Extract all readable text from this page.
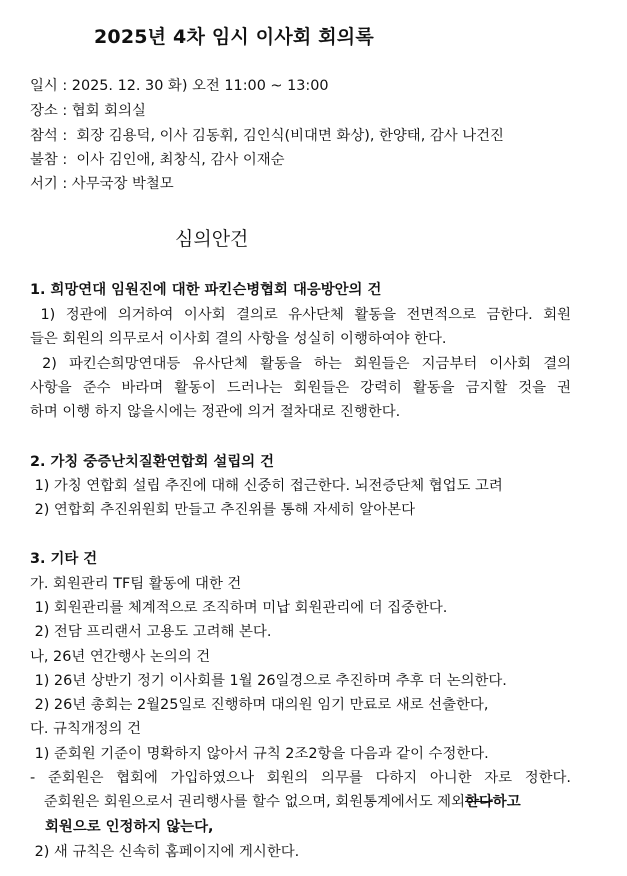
2025년 4차 임시 이사회 회의록
일시 : 2025. 12. 30 화) 오전 11:00 ~ 13:00
장소 : 협회 회의실
참석 :  회장 김용덕, 이사 김동휘, 김인식(비대면 화상), 한양태, 감사 나건진
불참 :  이사 김인애, 최창식, 감사 이재순
서기 : 사무국장 박철모
심의안건
1. 희망연대 임원진에 대한 파킨슨병협회 대응방안의 건
1) 정관에 의거하여 이사회 결의로 유사단체 활동을 전면적으로 금한다. 회원
들은 회원의 의무로서 이사회 결의 사항을 성실히 이행하여야 한다.
2) 파킨슨희망연대등 유사단체 활동을 하는 회원들은 지금부터 이사회 결의
사항을 준수 바라며 활동이 드러나는 회원들은 강력히 활동을 금지할 것을 권
하며 이행 하지 않을시에는 정관에 의거 절차대로 진행한다.
2. 가칭 중증난치질환연합회 설립의 건
1) 가칭 연합회 설립 추진에 대해 신중히 접근한다. 뇌전증단체 협업도 고려
2) 연합회 추진위원회 만들고 추진위를 통해 자세히 알아본다
3. 기타 건
가. 회원관리 TF팀 활동에 대한 건
1) 회원관리를 체계적으로 조직하며 미납 회원관리에 더 집중한다.
2) 전담 프리랜서 고용도 고려해 본다.
나, 26년 연간행사 논의의 건
1) 26년 상반기 정기 이사회를 1월 26일경으로 추진하며 추후 더 논의한다.
2) 26년 총회는 2월25일로 진행하며 대의원 임기 만료로 새로 선출한다,
다. 규칙개정의 건
1) 준회원 기준이 명확하지 않아서 규칙 2조2항을 다음과 같이 수정한다.
- 준회원은 협회에 가입하였으나 회원의 의무를 다하지 아니한 자로 정한다.
준회원은 회원으로서 권리행사를 할수 없으며, 회원통계에서도 제외한다하고
회원으로 인정하지 않는다,
2) 새 규칙은 신속히 홈페이지에 게시한다.
